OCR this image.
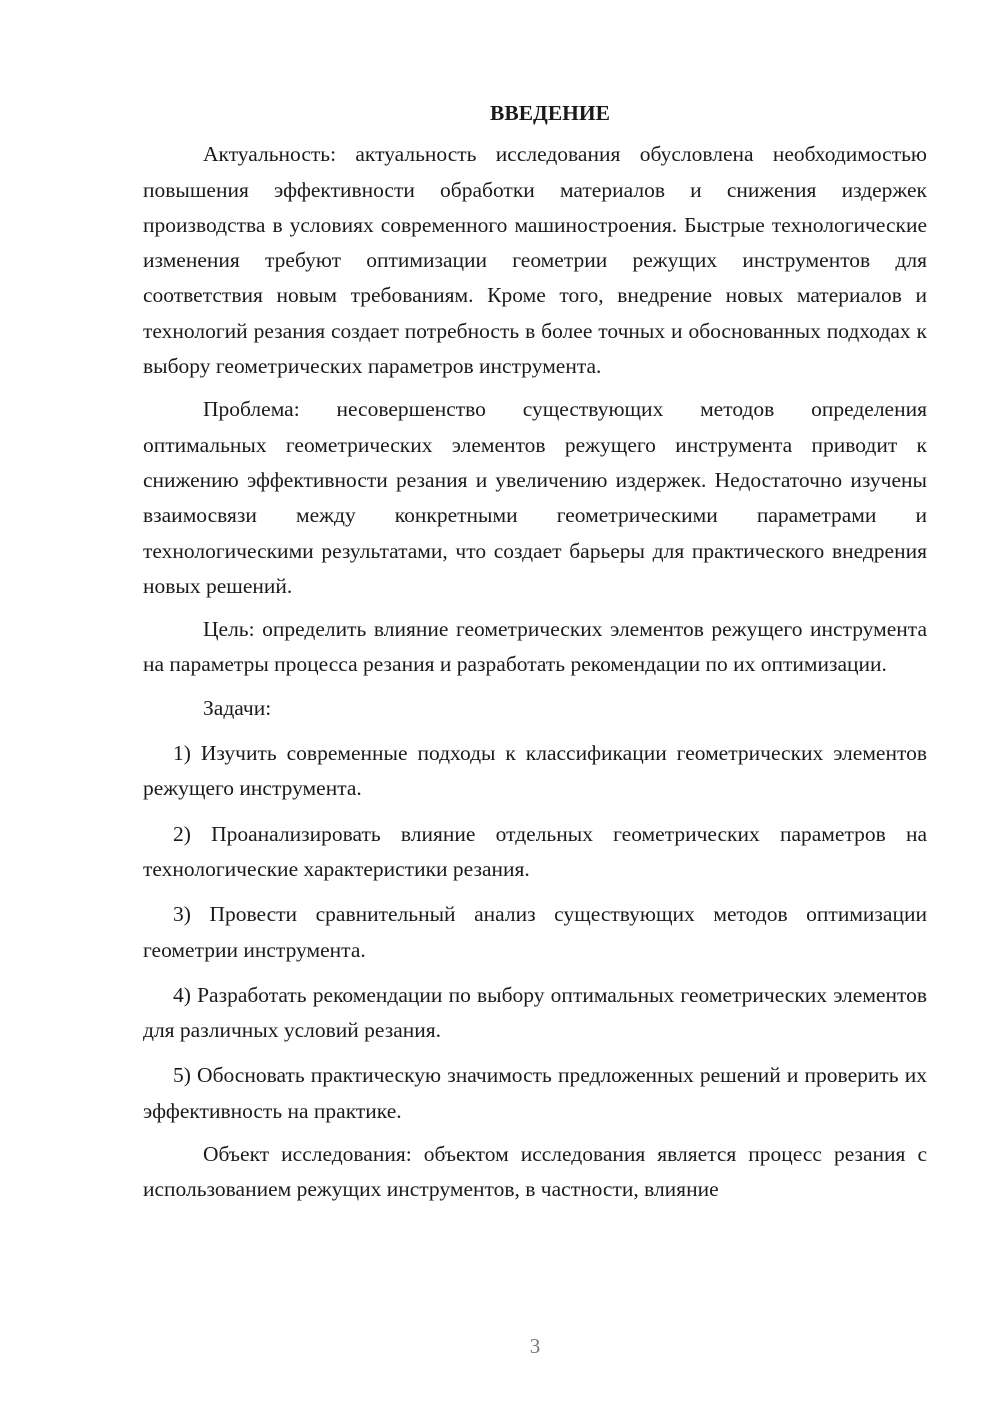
ВВЕДЕНИЕ

Актуальность: актуальность исследования обусловлена необходимостью повышения эффективности обработки материалов и снижения издержек производства в условиях современного машиностроения. Быстрые технологические изменения требуют оптимизации геометрии режущих инструментов для соответствия новым требованиям. Кроме того, внедрение новых материалов и технологий резания создает потребность в более точных и обоснованных подходах к выбору геометрических параметров инструмента.

Проблема: несовершенство существующих методов определения оптимальных геометрических элементов режущего инструмента приводит к снижению эффективности резания и увеличению издержек. Недостаточно изучены взаимосвязи между конкретными геометрическими параметрами и технологическими результатами, что создает барьеры для практического внедрения новых решений.

Цель: определить влияние геометрических элементов режущего инструмента на параметры процесса резания и разработать рекомендации по их оптимизации.

Задачи:

1) Изучить современные подходы к классификации геометрических элементов режущего инструмента.

2) Проанализировать влияние отдельных геометрических параметров на технологические характеристики резания.

3) Провести сравнительный анализ существующих методов оптимизации геометрии инструмента.

4) Разработать рекомендации по выбору оптимальных геометрических элементов для различных условий резания.

5) Обосновать практическую значимость предложенных решений и проверить их эффективность на практике.

Объект исследования: объектом исследования является процесс резания с использованием режущих инструментов, в частности, влияние

3
